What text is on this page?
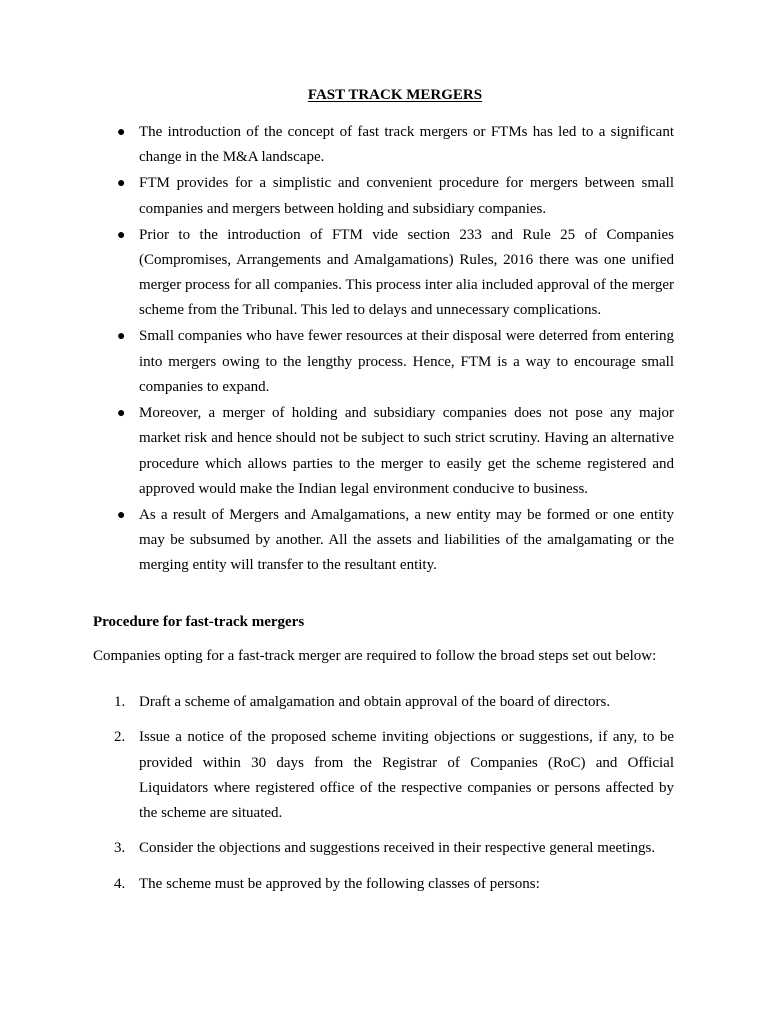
FAST TRACK MERGERS
● The introduction of the concept of fast track mergers or FTMs has led to a significant change in the M&A landscape.
● FTM provides for a simplistic and convenient procedure for mergers between small companies and mergers between holding and subsidiary companies.
● Prior to the introduction of FTM vide section 233 and Rule 25 of Companies (Compromises, Arrangements and Amalgamations) Rules, 2016 there was one unified merger process for all companies. This process inter alia included approval of the merger scheme from the Tribunal. This led to delays and unnecessary complications.
● Small companies who have fewer resources at their disposal were deterred from entering into mergers owing to the lengthy process. Hence, FTM is a way to encourage small companies to expand.
● Moreover, a merger of holding and subsidiary companies does not pose any major market risk and hence should not be subject to such strict scrutiny. Having an alternative procedure which allows parties to the merger to easily get the scheme registered and approved would make the Indian legal environment conducive to business.
● As a result of Mergers and Amalgamations, a new entity may be formed or one entity may be subsumed by another. All the assets and liabilities of the amalgamating or the merging entity will transfer to the resultant entity.
Procedure for fast-track mergers
Companies opting for a fast-track merger are required to follow the broad steps set out below:
1. Draft a scheme of amalgamation and obtain approval of the board of directors.
2. Issue a notice of the proposed scheme inviting objections or suggestions, if any, to be provided within 30 days from the Registrar of Companies (RoC) and Official Liquidators where registered office of the respective companies or persons affected by the scheme are situated.
3. Consider the objections and suggestions received in their respective general meetings.
4. The scheme must be approved by the following classes of persons:
